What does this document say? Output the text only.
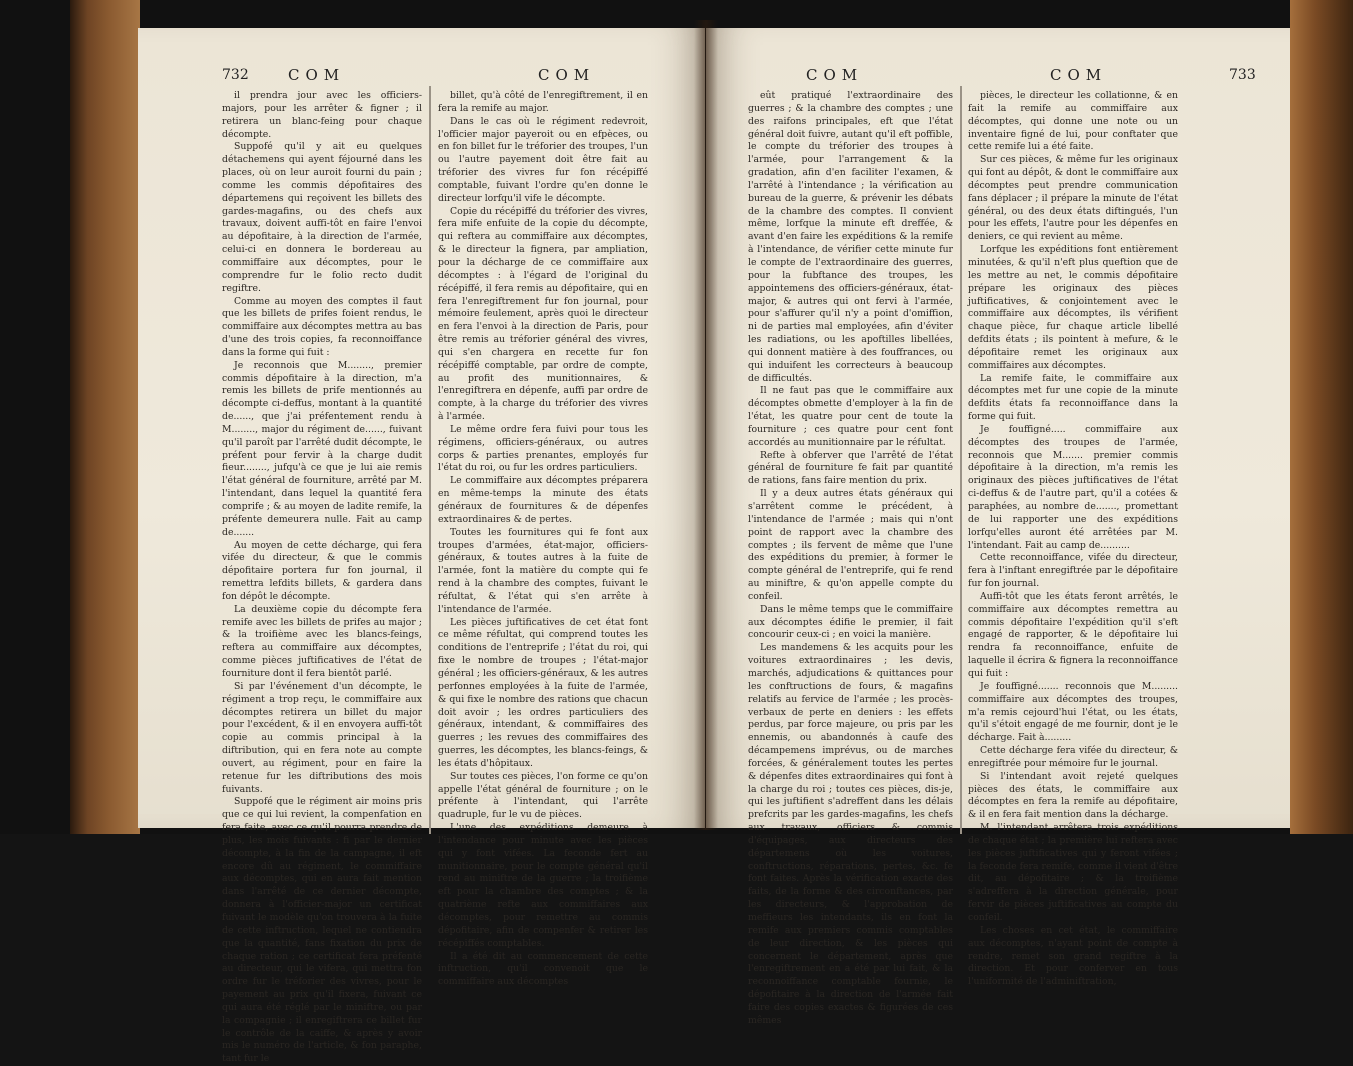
732	COM	COM

il prendra jour avec les officiers-majors, pour les arrêter & figner ; il retirera un blanc-feing pour chaque décompte.

Suppofé qu'il y ait eu quelques détachemens qui ayent féjourné dans les places, où on leur auroit fourni du pain ; comme les commis dépofitaires des départemens qui reçoivent les billets des gardes-magafins, ou des chefs aux travaux, doivent auffi-tôt en faire l'envoi au dépofitaire, à la direction de l'armée, celui-ci en donnera le bordereau au commiffaire aux décomptes, pour le comprendre fur le folio recto dudit regiftre.

Comme au moyen des comptes il faut que les billets de prifes foient rendus, le commiffaire aux décomptes mettra au bas d'une des trois copies, fa reconnoiffance dans la forme qui fuit :

Je reconnois que M........, premier commis dépofitaire à la direction, m'a remis les billets de prife mentionnés au décompte ci-deffus, montant à la quantité de......, que j'ai préfentement rendu à M........, major du régiment de......, fuivant qu'il paroît par l'arrêté dudit décompte, le préfent pour fervir à la charge dudit fieur........, jufqu'à ce que je lui aie remis l'état général de fourniture, arrêté par M. l'intendant, dans lequel la quantité fera comprife ; & au moyen de ladite remife, la préfente demeurera nulle. Fait au camp de.......

Au moyen de cette décharge, qui fera vifée du directeur, & que le commis dépofitaire portera fur fon journal, il remettra lefdits billets, & gardera dans fon dépôt le décompte.

La deuxième copie du décompte fera remife avec les billets de prifes au major ; & la troifième avec les blancs-feings, reftera au commiffaire aux décomptes, comme pièces juftificatives de l'état de fourniture dont il fera bientôt parlé.

Si par l'événement d'un décompte, le régiment a trop reçu, le commiffaire aux décomptes retirera un billet du major pour l'excédent, & il en envoyera auffi-tôt copie au commis principal à la diftribution, qui en fera note au compte ouvert, au régiment, pour en faire la retenue fur les diftributions des mois fuivants.

Suppofé que le régiment air moins pris que ce qui lui revient, la compenfation en fera faite, avec ce qu'il pourra prendre de plus, les mois fuivants : fi par le dernier décompte, à la fin de la campagne, il eft encore dû au régiment, le commiffaire aux décomptes, qui en aura fait mention dans l'arrêté de ce dernier décompte, donnera à l'officier-major un certificat fuivant le modèle qu'on trouvera à la fuite de cette inftruction, lequel ne contiendra que la quantité, fans fixation du prix de chaque ration ; ce certificat fera préfenté au directeur, qui le vifera, qui mettra fon ordre fur le tréforier des vivres, pour le payement au prix qu'il fixera, fuivant ce qui aura été réglé par le miniftre, ou par la compagnie ; il enregiftrera ce billet fur le contrôle de la caiffe, & après y avoir mis le numéro de l'article, & fon paraphe, tant fur le

billet, qu'à côté de l'enregiftrement, il en fera la remife au major.

Dans le cas où le régiment redevroit, l'officier major payeroit ou en efpèces, ou en fon billet fur le tréforier des troupes, l'un ou l'autre payement doit être fait au tréforier des vivres fur fon récépiffé comptable, fuivant l'ordre qu'en donne le directeur lorfqu'il vife le décompte.

Copie du récépiffé du tréforier des vivres, fera mife enfuite de la copie du décompte, qui reftera au commiffaire aux décomptes, & le directeur la fignera, par ampliation, pour la décharge de ce commiffaire aux décomptes : à l'égard de l'original du récépiffé, il fera remis au dépofitaire, qui en fera l'enregiftrement fur fon journal, pour mémoire feulement, après quoi le directeur en fera l'envoi à la direction de Paris, pour être remis au tréforier général des vivres, qui s'en chargera en recette fur fon récépiffé comptable, par ordre de compte, au profit des munitionnaires, & l'enregiftrera en dépenfe, auffi par ordre de compte, à la charge du tréforier des vivres à l'armée.

Le même ordre fera fuivi pour tous les régimens, officiers-généraux, ou autres corps & parties prenantes, employés fur l'état du roi, ou fur les ordres particuliers.

Le commiffaire aux décomptes préparera en même-temps la minute des états généraux de fournitures & de dépenfes extraordinaires & de pertes.

Toutes les fournitures qui fe font aux troupes d'armées, état-major, officiers-généraux, & toutes autres à la fuite de l'armée, font la matière du compte qui fe rend à la chambre des comptes, fuivant le réfultat, & l'état qui s'en arrête à l'intendance de l'armée.

Les pièces juftificatives de cet état font ce même réfultat, qui comprend toutes les conditions de l'entreprife ; l'état du roi, qui fixe le nombre de troupes ; l'état-major général ; les officiers-généraux, & les autres perfonnes employées à la fuite de l'armée, & qui fixe le nombre des rations que chacun doit avoir ; les ordres particuliers des généraux, intendant, & commiffaires des guerres ; les revues des commiffaires des guerres, les décomptes, les blancs-feings, & les états d'hôpitaux.

Sur toutes ces pièces, l'on forme ce qu'on appelle l'état général de fourniture ; on le préfente à l'intendant, qui l'arrête quadruple, fur le vu de pièces.

L'une des expéditions demeure à l'intendance pour minute avec les pièces qui y font vifées. La feconde fert au munitionnaire, pour le compte général qu'il rend au miniftre de la guerre ; la troifième eft pour la chambre des comptes ; & la quatrième refte aux commiffaires aux décomptes, pour remettre au commis dépofitaire, afin de compenfer & retirer les récépiffés comptables.

Il a été dit au commencement de cette inftruction, qu'il convenoit que le commiffaire aux décomptes

COM	COM	733

eût pratiqué l'extraordinaire des guerres ; & la chambre des comptes ; une des raifons principales, eft que l'état général doit fuivre, autant qu'il eft poffible, le compte du tréforier des troupes à l'armée, pour l'arrangement & la gradation, afin d'en faciliter l'examen, & l'arrêté à l'intendance ; la vérification au bureau de la guerre, & prévenir les débats de la chambre des comptes. Il convient même, lorfque la minute eft dreffée, & avant d'en faire les expéditions & la remife à l'intendance, de vérifier cette minute fur le compte de l'extraordinaire des guerres, pour la fubftance des troupes, les appointemens des officiers-généraux, état-major, & autres qui ont fervi à l'armée, pour s'affurer qu'il n'y a point d'omiffion, ni de parties mal employées, afin d'éviter les radiations, ou les apoftilles libellées, qui donnent matière à des fouffrances, ou qui induifent les correcteurs à beaucoup de difficultés.

Il ne faut pas que le commiffaire aux décomptes obmette d'employer à la fin de l'état, les quatre pour cent de toute la fourniture ; ces quatre pour cent font accordés au munitionnaire par le réfultat.

Refte à obferver que l'arrêté de l'état général de fourniture fe fait par quantité de rations, fans faire mention du prix.

Il y a deux autres états généraux qui s'arrêtent comme le précédent, à l'intendance de l'armée ; mais qui n'ont point de rapport avec la chambre des comptes ; ils fervent de même que l'une des expéditions du premier, à former le compte général de l'entreprife, qui fe rend au miniftre, & qu'on appelle compte du confeil.

Dans le même temps que le commiffaire aux décomptes édifie le premier, il fait concourir ceux-ci ; en voici la manière.

Les mandemens & les acquits pour les voitures extraordinaires ; les devis, marchés, adjudications & quittances pour les conftructions de fours, & magafins relatifs au fervice de l'armée ; les procès-verbaux de perte en deniers : les effets perdus, par force majeure, ou pris par les ennemis, ou abandonnés à caufe des décampemens imprévus, ou de marches forcées, & généralement toutes les pertes & dépenfes dites extraordinaires qui font à la charge du roi ; toutes ces pièces, dis-je, qui les juftifient s'adreffent dans les délais prefcrits par les gardes-magafins, les chefs aux travaux, officiers & commis d'équipages, aux directeurs des départemens où les voitures, conftructions, réparations, pertes, &c. fe font faites. Après la vérification exacte des faits, de la forme & des circonftances, par les directeurs, & l'approbation de meffieurs les intendants, ils en font la remife aux premiers commis comptables de leur direction, & les pièces qui concernent le département, après que l'enregiftrement en a été par lui fait, & la reconnoiffance comptable fournie, le dépofitaire à la direction de l'armée fait faire des copies exactes & figurées de ces mêmes

pièces, le directeur les collationne, & en fait la remife au commiffaire aux décomptes, qui donne une note ou un inventaire figné de lui, pour conftater que cette remife lui a été faite.

Sur ces pièces, & même fur les originaux qui font au dépôt, & dont le commiffaire aux décomptes peut prendre communication fans déplacer ; il prépare la minute de l'état général, ou des deux états diftingués, l'un pour les effets, l'autre pour les dépenfes en deniers, ce qui revient au même.

Lorfque les expéditions font entièrement minutées, & qu'il n'eft plus queftion que de les mettre au net, le commis dépofitaire prépare les originaux des pièces juftificatives, & conjointement avec le commiffaire aux décomptes, ils vérifient chaque pièce, fur chaque article libellé defdits états ; ils pointent à mefure, & le dépofitaire remet les originaux aux commiffaires aux décomptes.

La remife faite, le commiffaire aux décomptes met fur une copie de la minute defdits états fa reconnoiffance dans la forme qui fuit.

Je fouffigné..... commiffaire aux décomptes des troupes de l'armée, reconnois que M....... premier commis dépofitaire à la direction, m'a remis les originaux des pièces juftificatives de l'état ci-deffus & de l'autre part, qu'il a cotées & paraphées, au nombre de......., promettant de lui rapporter une des expéditions lorfqu'elles auront été arrêtées par M. l'intendant. Fait au camp de..........

Cette reconnoiffance, vifée du directeur, fera à l'inftant enregiftrée par le dépofitaire fur fon journal.

Auffi-tôt que les états feront arrêtés, le commiffaire aux décomptes remettra au commis dépofitaire l'expédition qu'il s'eft engagé de rapporter, & le dépofitaire lui rendra fa reconnoiffance, enfuite de laquelle il écrira & fignera la reconnoiffance qui fuit :

Je fouffigné....... reconnois que M......... commiffaire aux décomptes des troupes, m'a remis cejourd'hui l'état, ou les états, qu'il s'étoit engagé de me fournir, dont je le décharge. Fait à.........

Cette décharge fera vifée du directeur, & enregiftrée pour mémoire fur le journal.

Si l'intendant avoit rejeté quelques pièces des états, le commiffaire aux décomptes en fera la remife au dépofitaire, & il en fera fait mention dans la décharge.

M. l'intendant arrêtera trois expéditions de chaque état ; la première lui reftera avec les pièces juftificatives qui y feront vifées ; la feconde fera remife, comme il vient d'être dit, au dépofitaire ; & la troifième s'adreffera à la direction générale, pour fervir de pièces juftificatives au compte du confeil.

Les choses en cet état, le commiffaire aux décomptes, n'ayant point de compte à rendre, remet son grand regiftre à la direction. Et pour conferver en tous l'uniformité de l'adminiftration,
